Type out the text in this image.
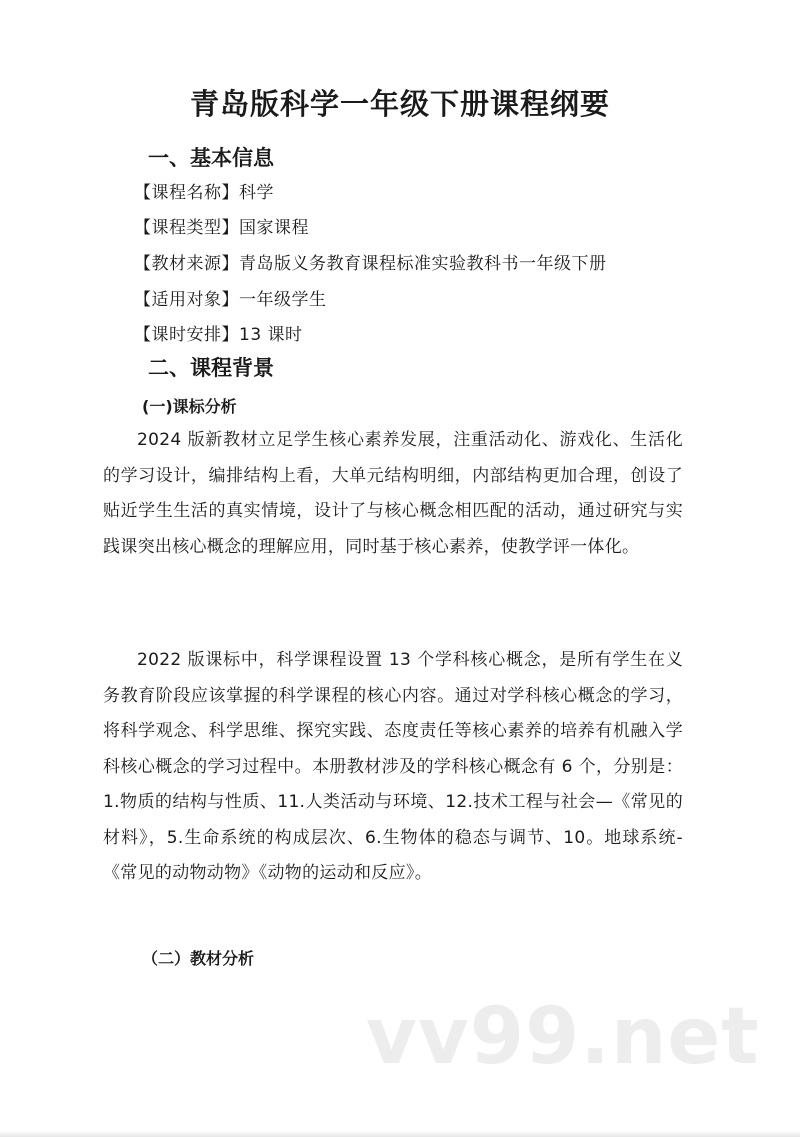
青岛版科学一年级下册课程纲要
一、基本信息
【课程名称】科学
【课程类型】国家课程
【教材来源】青岛版义务教育课程标准实验教科书一年级下册
【适用对象】一年级学生
【课时安排】13 课时
二、课程背景
(一)课标分析
2024 版新教材立足学生核心素养发展，注重活动化、游戏化、生活化的学习设计，编排结构上看，大单元结构明细，内部结构更加合理，创设了贴近学生生活的真实情境，设计了与核心概念相匹配的活动，通过研究与实践课突出核心概念的理解应用，同时基于核心素养，使教学评一体化。
2022 版课标中，科学课程设置 13 个学科核心概念，是所有学生在义务教育阶段应该掌握的科学课程的核心内容。通过对学科核心概念的学习，将科学观念、科学思维、探究实践、态度责任等核心素养的培养有机融入学科核心概念的学习过程中。本册教材涉及的学科核心概念有 6 个，分别是：1.物质的结构与性质、11.人类活动与环境、12.技术工程与社会—《常见的材料》，5.生命系统的构成层次、6.生物体的稳态与调节、10。地球系统-《常见的动物动物》《动物的运动和反应》。
（二）教材分析
vv99.net
